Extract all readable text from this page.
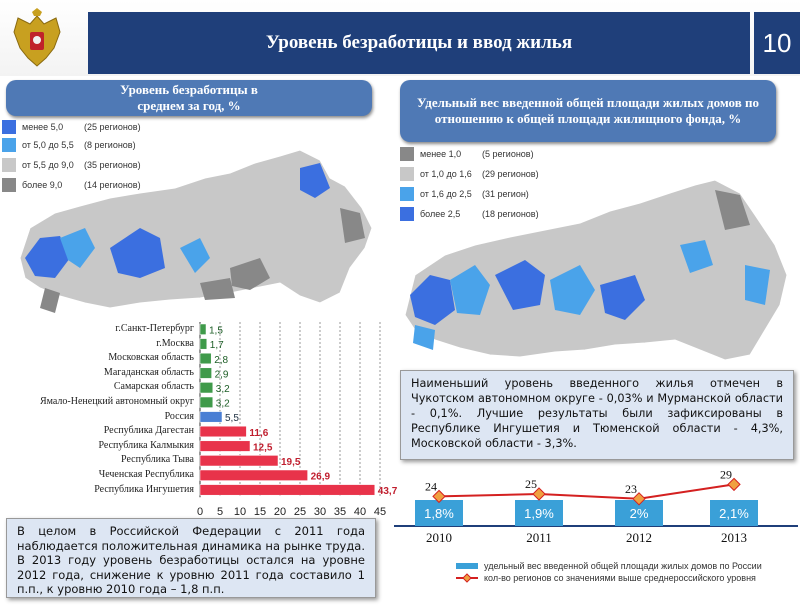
Уровень безработицы и ввод жилья	10
Уровень безработицы в среднем за год, %
менее 5,0	(25 регионов)
от 5,0 до 5,5	(8 регионов)
от 5,5 до 9,0	(35 регионов)
более 9,0	(14 регионов)
Удельный вес введенной общей площади жилых домов по отношению к общей площади жилищного фонда, %
менее 1,0	(5 регионов)
от 1,0 до 1,6	(29 регионов)
от 1,6 до 2,5	(31 регион)
более 2,5	(18 регионов)
г.Санкт-Петербург
г.Москва
Московская область
Магаданская область
Самарская область
Ямало-Ненецкий автономный округ
Россия
Республика Дагестан
Республика Калмыкия
Республика Тыва
Чеченская Республика
Республика Ингушетия
0 5 10 15 20 25 30 35 40 45
1,5
1,7
2,8
2,9
3,2
3,2
5,5
11,6
12,5
19,5
26,9
43,7
Наименьший уровень введенного жилья отмечен в Чукотском автономном округе - 0,03% и Мурманской области - 0,1%. Лучшие результаты были зафиксированы в Республике Ингушетия и Тюменской области - 4,3%, Московской области - 3,3%.
1,8%
2010
1,9%
2011
2%
2012
2,1%
2013
24	25	23
29
удельный вес введенной общей площади жилых домов по России
кол-во регионов со значениями выше среднероссийского уровня
В целом в Российской Федерации с 2011 года наблюдается положительная динамика на рынке труда. В 2013 году уровень безработицы остался на уровне 2012 года, снижение к уровню 2011 года составило 1 п.п., к уровню 2010 года – 1,8 п.п.
